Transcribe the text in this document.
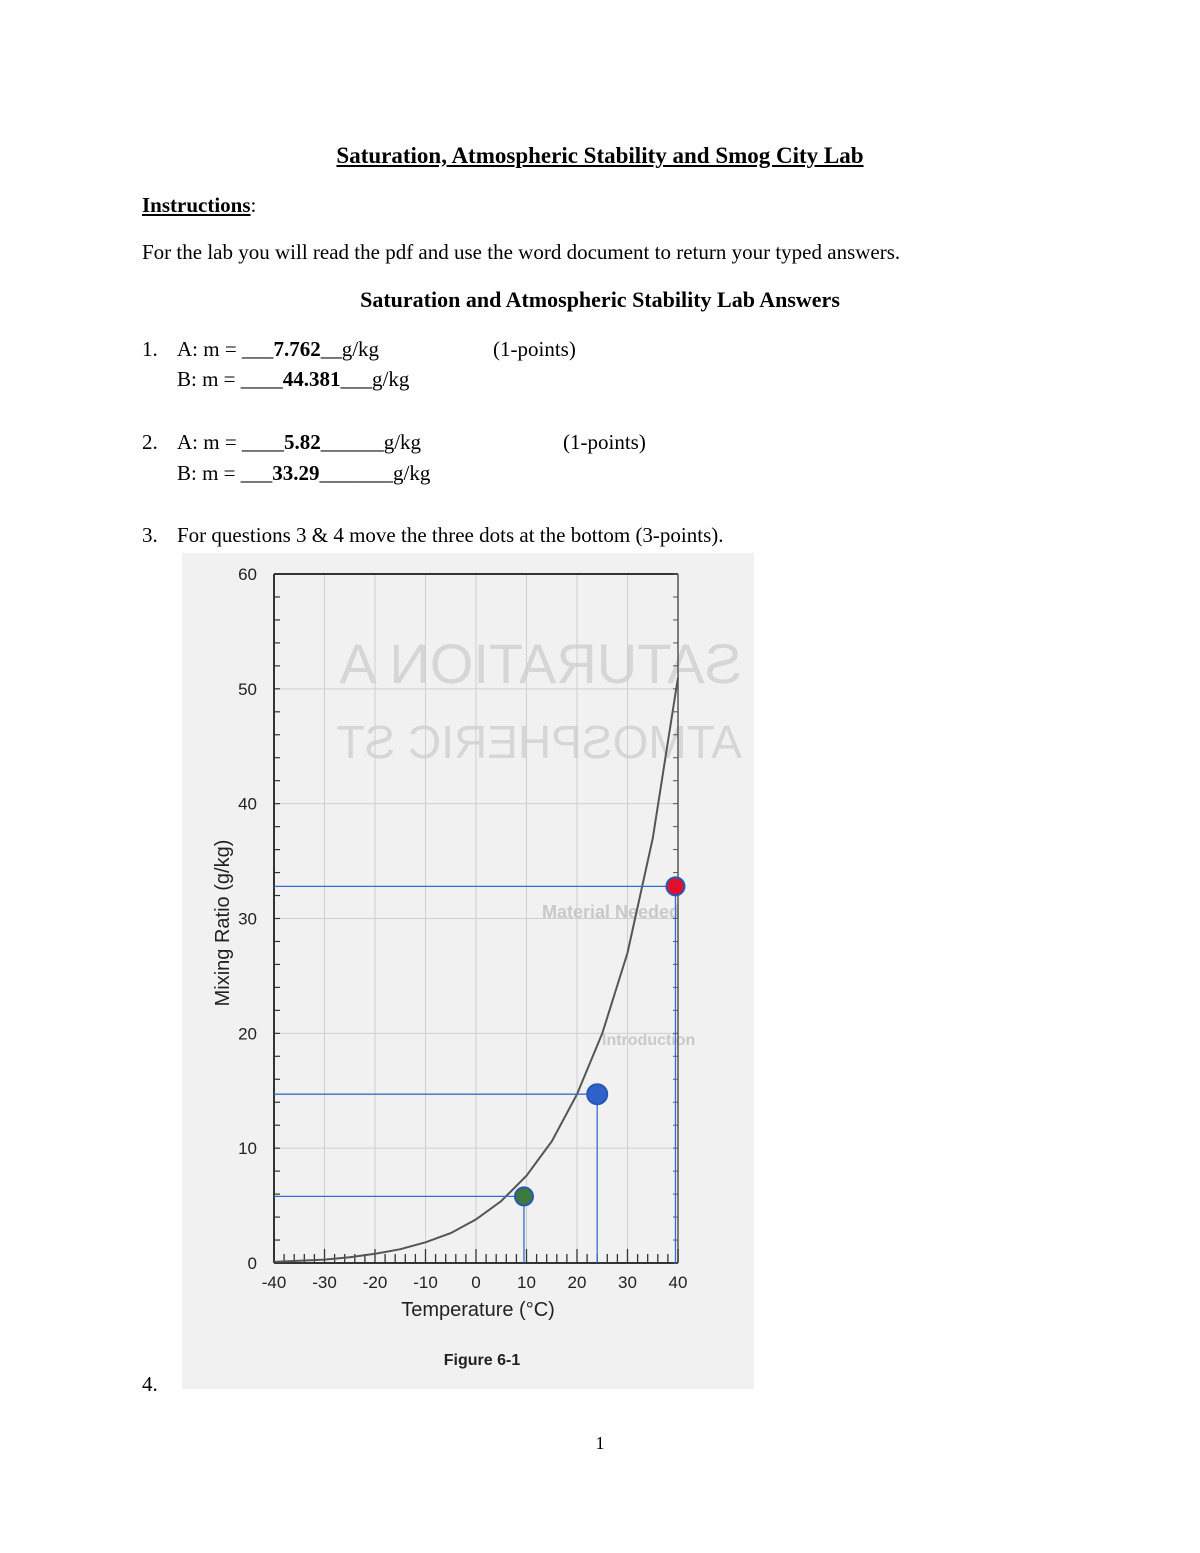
Saturation, Atmospheric Stability and Smog City Lab
Instructions:
For the lab you will read the pdf and use the word document to return your typed answers.
Saturation and Atmospheric Stability Lab Answers
1. A: m = ___7.762__g/kg	(1-points)
B: m = ____44.381___g/kg
2. A: m = ____5.82______g/kg	(1-points)
B: m = ___33.29_______g/kg
3. For questions 3 & 4 move the three dots at the bottom (3-points).
SATURATION A
ATMOSPHERIC ST
Material Needed
Introduction
-40 -30 -20 -10 0 10 20 30 40
0
10
20
30
40
50
60
Temperature (°C)
Mixing Ratio (g/kg)
Figure 6-1
4.
1
